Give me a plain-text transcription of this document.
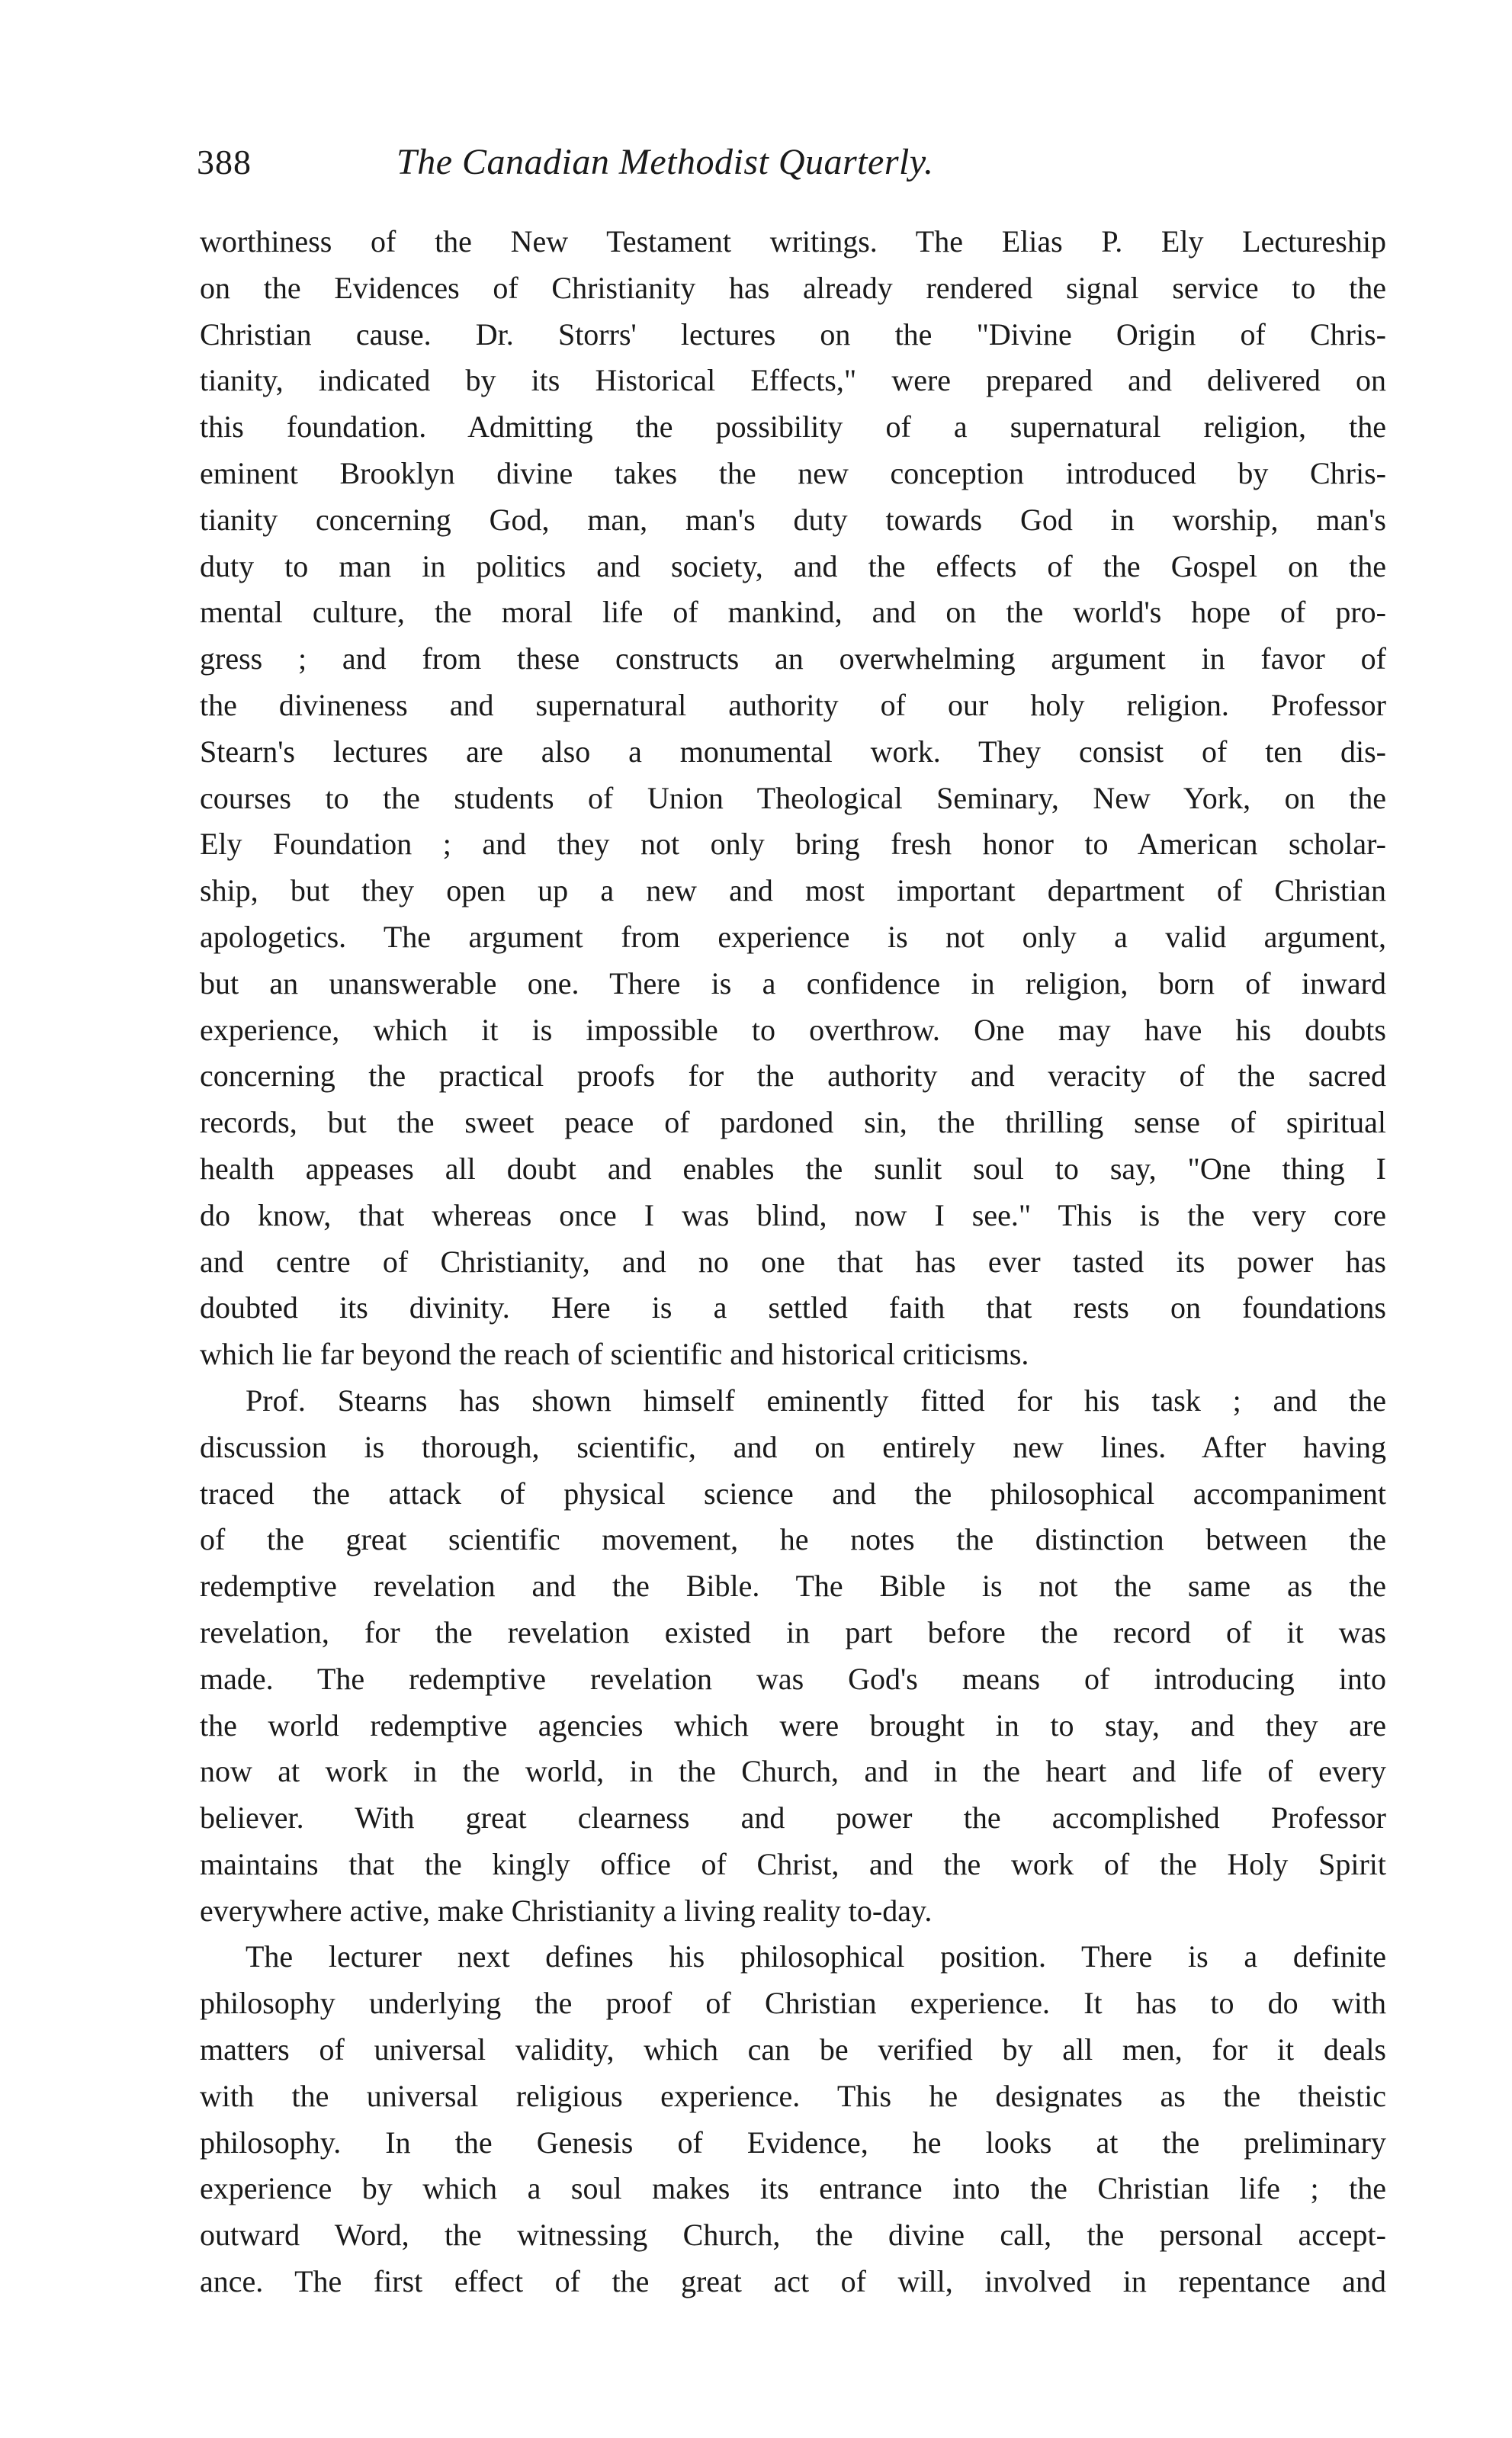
388	The Canadian Methodist Quarterly.
worthiness of the New Testament writings. The Elias P. Ely Lectureship
on the Evidences of Christianity has already rendered signal service to the
Christian cause. Dr. Storrs' lectures on the "Divine Origin of Chris-
tianity, indicated by its Historical Effects," were prepared and delivered on
this foundation. Admitting the possibility of a supernatural religion, the
eminent Brooklyn divine takes the new conception introduced by Chris-
tianity concerning God, man, man's duty towards God in worship, man's
duty to man in politics and society, and the effects of the Gospel on the
mental culture, the moral life of mankind, and on the world's hope of pro-
gress ; and from these constructs an overwhelming argument in favor of
the divineness and supernatural authority of our holy religion. Professor
Stearn's lectures are also a monumental work. They consist of ten dis-
courses to the students of Union Theological Seminary, New York, on the
Ely Foundation ; and they not only bring fresh honor to American scholar-
ship, but they open up a new and most important department of Christian
apologetics. The argument from experience is not only a valid argument,
but an unanswerable one. There is a confidence in religion, born of inward
experience, which it is impossible to overthrow. One may have his doubts
concerning the practical proofs for the authority and veracity of the sacred
records, but the sweet peace of pardoned sin, the thrilling sense of spiritual
health appeases all doubt and enables the sunlit soul to say, "One thing I
do know, that whereas once I was blind, now I see." This is the very core
and centre of Christianity, and no one that has ever tasted its power has
doubted its divinity. Here is a settled faith that rests on foundations
which lie far beyond the reach of scientific and historical criticisms.
Prof. Stearns has shown himself eminently fitted for his task ; and the
discussion is thorough, scientific, and on entirely new lines. After having
traced the attack of physical science and the philosophical accompaniment
of the great scientific movement, he notes the distinction between the
redemptive revelation and the Bible. The Bible is not the same as the
revelation, for the revelation existed in part before the record of it was
made. The redemptive revelation was God's means of introducing into
the world redemptive agencies which were brought in to stay, and they are
now at work in the world, in the Church, and in the heart and life of every
believer. With great clearness and power the accomplished Professor
maintains that the kingly office of Christ, and the work of the Holy Spirit
everywhere active, make Christianity a living reality to-day.
The lecturer next defines his philosophical position. There is a definite
philosophy underlying the proof of Christian experience. It has to do with
matters of universal validity, which can be verified by all men, for it deals
with the universal religious experience. This he designates as the theistic
philosophy. In the Genesis of Evidence, he looks at the preliminary
experience by which a soul makes its entrance into the Christian life ; the
outward Word, the witnessing Church, the divine call, the personal accept-
ance. The first effect of the great act of will, involved in repentance and
